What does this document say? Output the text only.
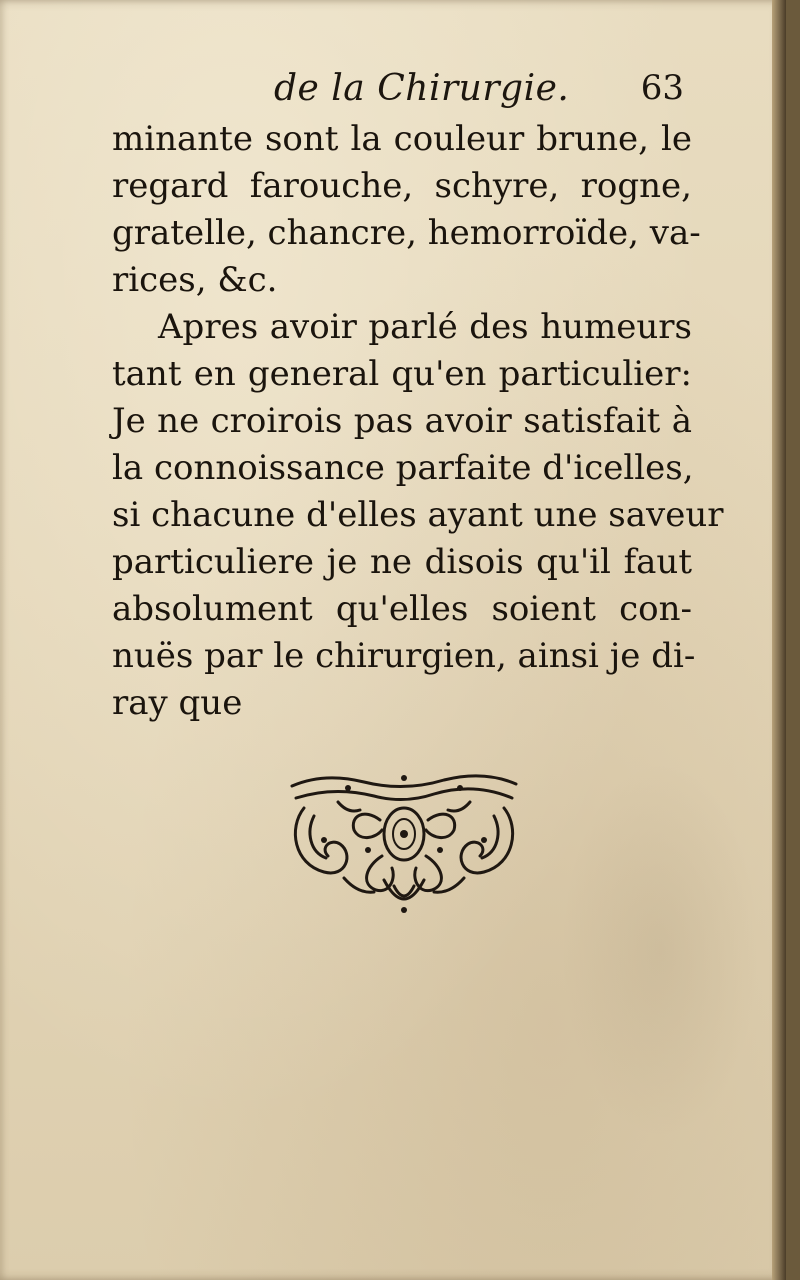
de la Chirurgie. 63
minante sont la couleur brune, le
regard farouche, schyre, rogne,
gratelle, chancre, hemorroïde, va-
rices, &c.
Apres avoir parlé des humeurs
tant en general qu'en particulier:
Je ne croirois pas avoir satisfait à
la connoissance parfaite d'icelles,
si chacune d'elles ayant une saveur
particuliere je ne disois qu'il faut
absolument qu'elles soient con-
nuës par le chirurgien, ainsi je di-
ray que
